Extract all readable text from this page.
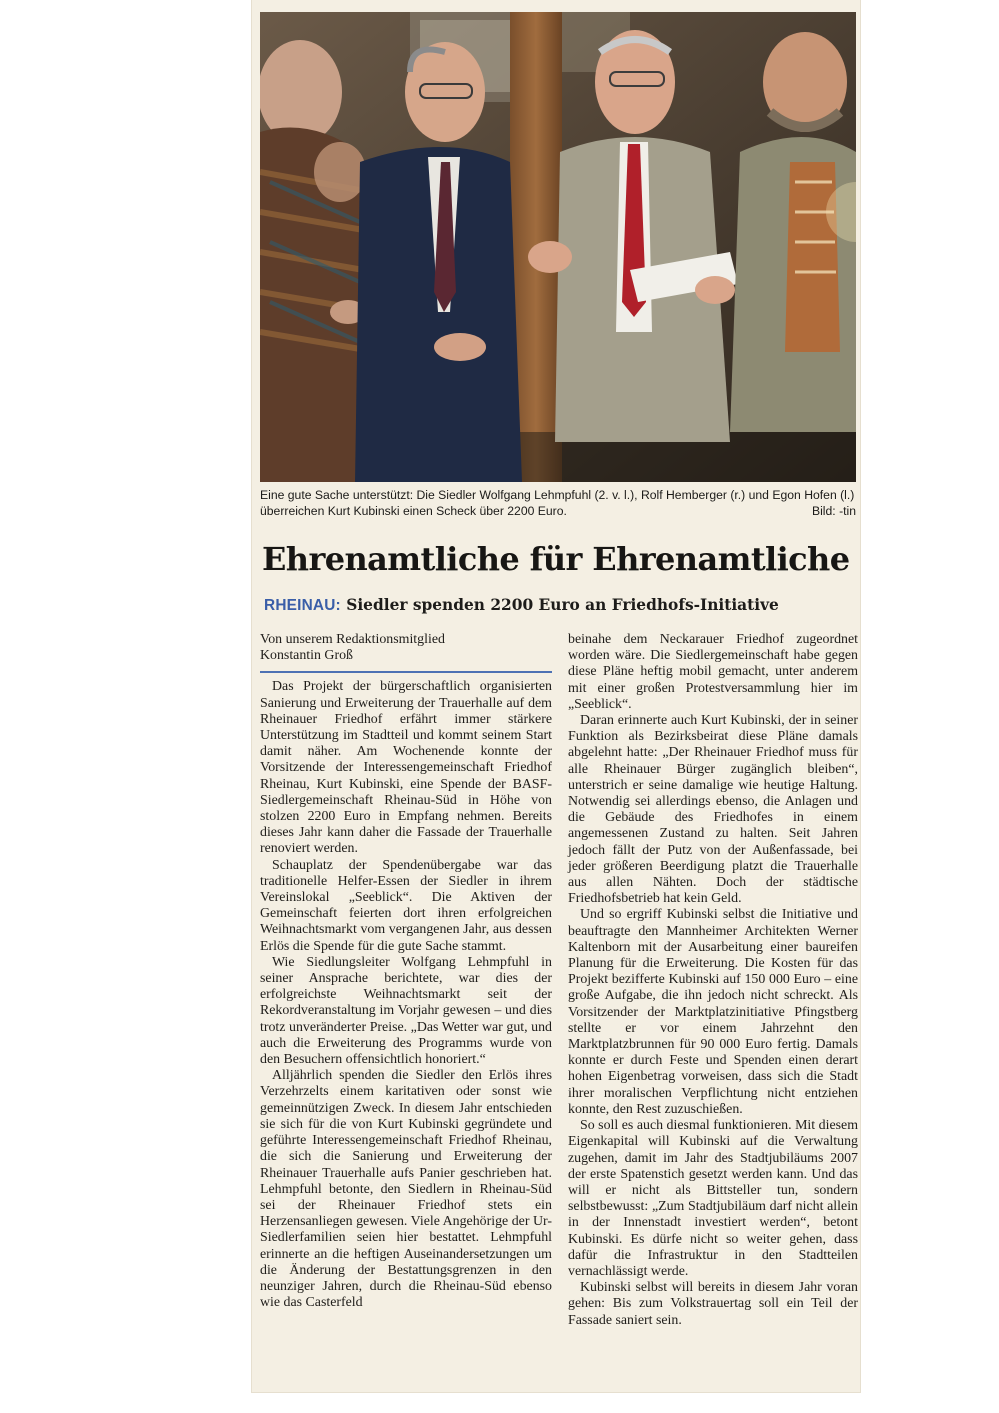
Eine gute Sache unterstützt: Die Siedler Wolfgang Lehmpfuhl (2. v. l.), Rolf Hemberger (r.) und Egon Hofen (l.) überreichen Kurt Kubinski einen Scheck über 2200 Euro.	Bild: -tin
Ehrenamtliche für Ehrenamtliche
RHEINAU: Siedler spenden 2200 Euro an Friedhofs-Initiative
Von unserem Redaktionsmitglied
Konstantin Groß

Das Projekt der bürgerschaftlich organisierten Sanierung und Erweiterung der Trauerhalle auf dem Rheinauer Friedhof erfährt immer stärkere Unterstützung im Stadtteil und kommt seinem Start damit näher. Am Wochenende konnte der Vorsitzende der Interessengemeinschaft Friedhof Rheinau, Kurt Kubinski, eine Spende der BASF-Siedlergemeinschaft Rheinau-Süd in Höhe von stolzen 2200 Euro in Empfang nehmen. Bereits dieses Jahr kann daher die Fassade der Trauerhalle renoviert werden.

Schauplatz der Spendenübergabe war das traditionelle Helfer-Essen der Siedler in ihrem Vereinslokal „Seeblick“. Die Aktiven der Gemeinschaft feierten dort ihren erfolgreichen Weihnachtsmarkt vom vergangenen Jahr, aus dessen Erlös die Spende für die gute Sache stammt.

Wie Siedlungsleiter Wolfgang Lehmpfuhl in seiner Ansprache berichtete, war dies der erfolgreichste Weihnachtsmarkt seit der Rekordveranstaltung im Vorjahr gewesen – und dies trotz unveränderter Preise. „Das Wetter war gut, und auch die Erweiterung des Programms wurde von den Besuchern offensichtlich honoriert.“

Alljährlich spenden die Siedler den Erlös ihres Verzehrzelts einem karitativen oder sonst wie gemeinnützigen Zweck. In diesem Jahr entschieden sie sich für die von Kurt Kubinski gegründete und geführte Interessengemeinschaft Friedhof Rheinau, die sich die Sanierung und Erweiterung der Rheinauer Trauerhalle aufs Panier geschrieben hat. Lehmpfuhl betonte, den Siedlern in Rheinau-Süd sei der Rheinauer Friedhof stets ein Herzensanliegen gewesen. Viele Angehörige der Ur-Siedlerfamilien seien hier bestattet. Lehmpfuhl erinnerte an die heftigen Auseinandersetzungen um die Änderung der Bestattungsgrenzen in den neunziger Jahren, durch die Rheinau-Süd ebenso wie das Casterfeld

beinahe dem Neckarauer Friedhof zugeordnet worden wäre. Die Siedlergemeinschaft habe gegen diese Pläne heftig mobil gemacht, unter anderem mit einer großen Protestversammlung hier im „Seeblick“.

Daran erinnerte auch Kurt Kubinski, der in seiner Funktion als Bezirksbeirat diese Pläne damals abgelehnt hatte: „Der Rheinauer Friedhof muss für alle Rheinauer Bürger zugänglich bleiben“, unterstrich er seine damalige wie heutige Haltung. Notwendig sei allerdings ebenso, die Anlagen und die Gebäude des Friedhofes in einem angemessenen Zustand zu halten. Seit Jahren jedoch fällt der Putz von der Außenfassade, bei jeder größeren Beerdigung platzt die Trauerhalle aus allen Nähten. Doch der städtische Friedhofsbetrieb hat kein Geld.

Und so ergriff Kubinski selbst die Initiative und beauftragte den Mannheimer Architekten Werner Kaltenborn mit der Ausarbeitung einer baureifen Planung für die Erweiterung. Die Kosten für das Projekt bezifferte Kubinski auf 150 000 Euro – eine große Aufgabe, die ihn jedoch nicht schreckt. Als Vorsitzender der Marktplatzinitiative Pfingstberg stellte er vor einem Jahrzehnt den Marktplatzbrunnen für 90 000 Euro fertig. Damals konnte er durch Feste und Spenden einen derart hohen Eigenbetrag vorweisen, dass sich die Stadt ihrer moralischen Verpflichtung nicht entziehen konnte, den Rest zuzuschießen.

So soll es auch diesmal funktionieren. Mit diesem Eigenkapital will Kubinski auf die Verwaltung zugehen, damit im Jahr des Stadtjubiläums 2007 der erste Spatenstich gesetzt werden kann. Und das will er nicht als Bittsteller tun, sondern selbstbewusst: „Zum Stadtjubiläum darf nicht allein in der Innenstadt investiert werden“, betont Kubinski. Es dürfe nicht so weiter gehen, dass dafür die Infrastruktur in den Stadtteilen vernachlässigt werde.

Kubinski selbst will bereits in diesem Jahr voran gehen: Bis zum Volkstrauertag soll ein Teil der Fassade saniert sein.
